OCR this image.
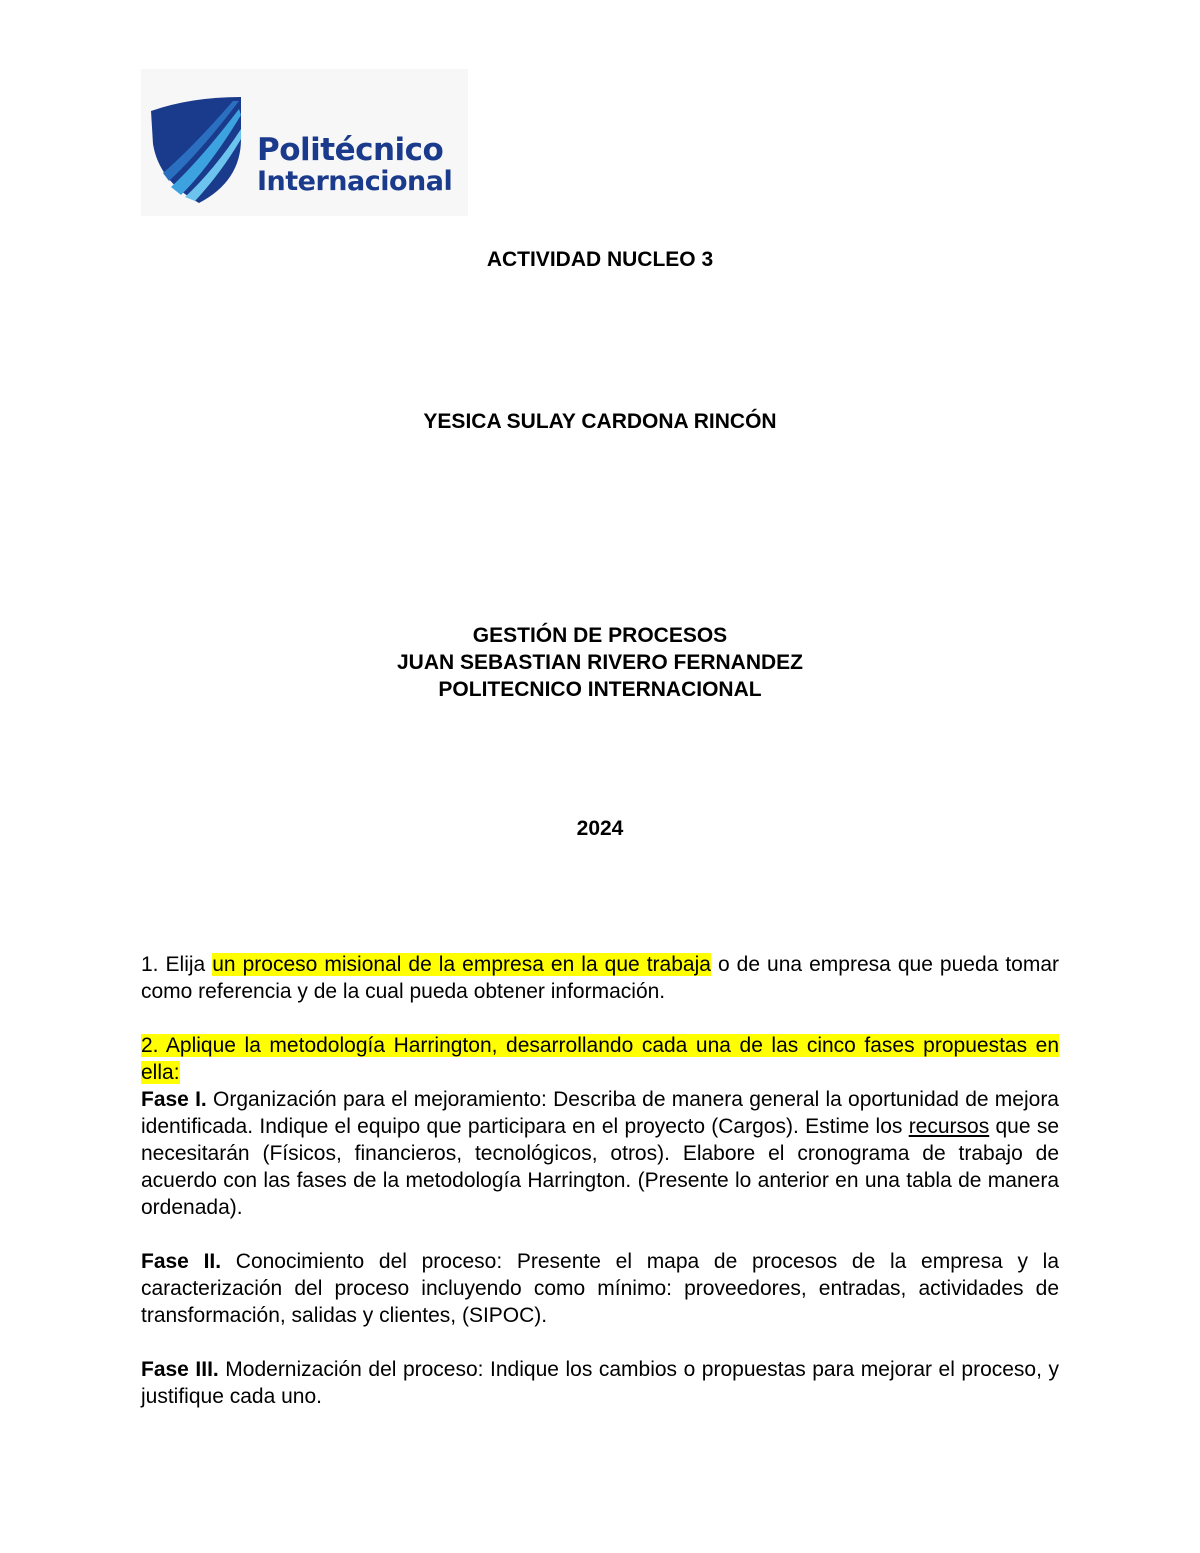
Politécnico
Internacional
ACTIVIDAD NUCLEO 3
YESICA SULAY CARDONA RINCÓN
GESTIÓN DE PROCESOS
JUAN SEBASTIAN RIVERO FERNANDEZ
POLITECNICO INTERNACIONAL
2024
1. Elija un proceso misional de la empresa en la que trabaja o de una empresa que pueda tomar como referencia y de la cual pueda obtener información.
2. Aplique la metodología Harrington, desarrollando cada una de las cinco fases propuestas en ella:
Fase I. Organización para el mejoramiento: Describa de manera general la oportunidad de mejora identificada. Indique el equipo que participara en el proyecto (Cargos). Estime los recursos que se necesitarán (Físicos, financieros, tecnológicos, otros). Elabore el cronograma de trabajo de acuerdo con las fases de la metodología Harrington. (Presente lo anterior en una tabla de manera ordenada).
Fase II. Conocimiento del proceso: Presente el mapa de procesos de la empresa y la caracterización del proceso incluyendo como mínimo: proveedores, entradas, actividades de transformación, salidas y clientes, (SIPOC).
Fase III. Modernización del proceso: Indique los cambios o propuestas para mejorar el proceso, y justifique cada uno.
